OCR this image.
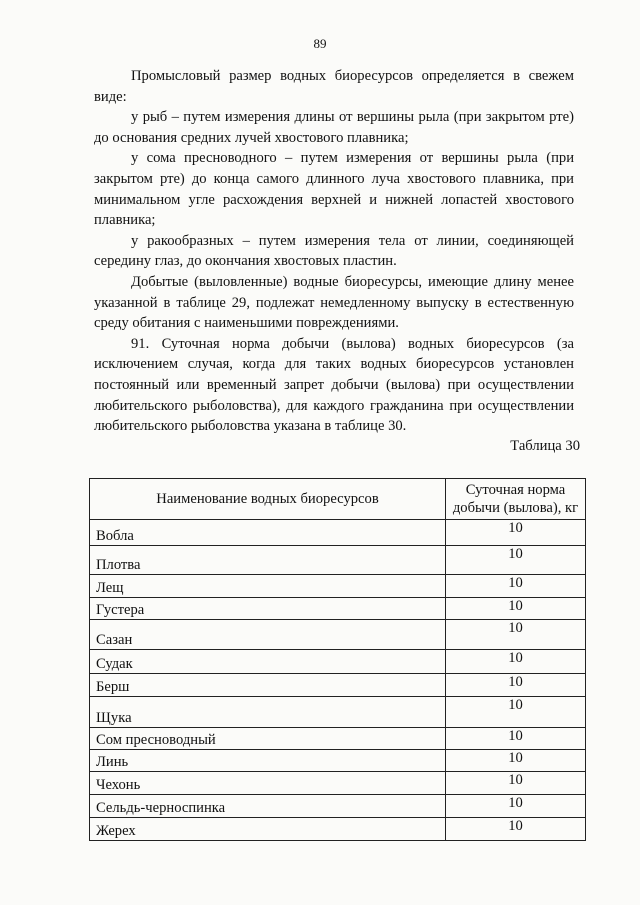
89

Промысловый размер водных биоресурсов определяется в свежем виде:

у рыб – путем измерения длины от вершины рыла (при закрытом рте) до основания средних лучей хвостового плавника;

у сома пресноводного – путем измерения от вершины рыла (при закрытом рте) до конца самого длинного луча хвостового плавника, при минимальном угле расхождения верхней и нижней лопастей хвостового плавника;

у ракообразных – путем измерения тела от линии, соединяющей середину глаз, до окончания хвостовых пластин.

Добытые (выловленные) водные биоресурсы, имеющие длину менее указанной в таблице 29, подлежат немедленному выпуску в естественную среду обитания с наименьшими повреждениями.

91. Суточная норма добычи (вылова) водных биоресурсов (за исключением случая, когда для таких водных биоресурсов установлен постоянный или временный запрет добычи (вылова) при осуществлении любительского рыболовства), для каждого гражданина при осуществлении любительского рыболовства указана в таблице 30.

Таблица 30
Наименование водных биоресурсов	Суточная норма добычи (вылова), кг
Вобла	10
Плотва	10
Лещ	10
Густера	10
Сазан	10
Судак	10
Берш	10
Щука	10
Сом пресноводный	10
Линь	10
Чехонь	10
Сельдь-черноспинка	10
Жерех	10
